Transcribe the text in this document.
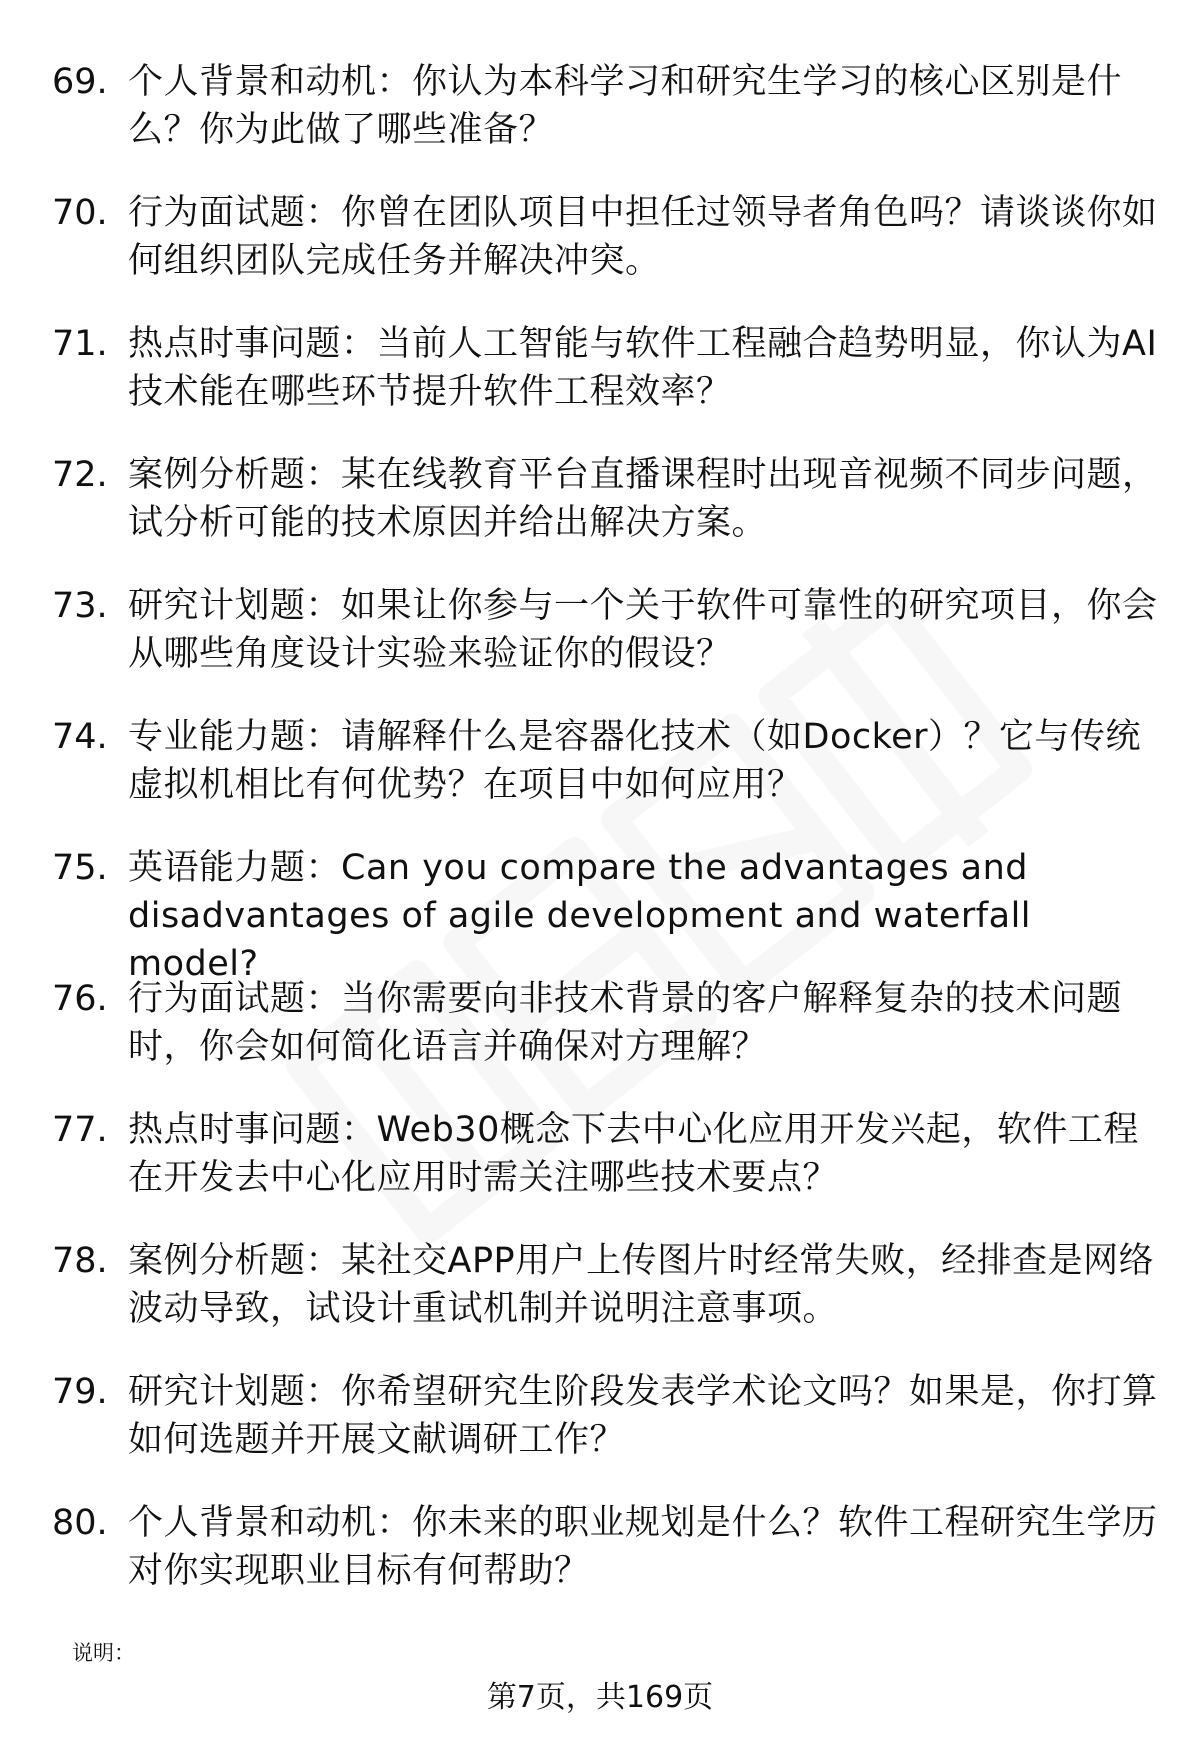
69. 个人背景和动机：你认为本科学习和研究生学习的核心区别是什么？你为此做了哪些准备？
70. 行为面试题：你曾在团队项目中担任过领导者角色吗？请谈谈你如何组织团队完成任务并解决冲突。
71. 热点时事问题：当前人工智能与软件工程融合趋势明显，你认为AI技术能在哪些环节提升软件工程效率？
72. 案例分析题：某在线教育平台直播课程时出现音视频不同步问题，试分析可能的技术原因并给出解决方案。
73. 研究计划题：如果让你参与一个关于软件可靠性的研究项目，你会从哪些角度设计实验来验证你的假设？
74. 专业能力题：请解释什么是容器化技术（如Docker）？它与传统虚拟机相比有何优势？在项目中如何应用？
75. 英语能力题：Can you compare the advantages and disadvantages of agile development and waterfall model?
76. 行为面试题：当你需要向非技术背景的客户解释复杂的技术问题时，你会如何简化语言并确保对方理解？
77. 热点时事问题：Web30概念下去中心化应用开发兴起，软件工程在开发去中心化应用时需关注哪些技术要点？
78. 案例分析题：某社交APP用户上传图片时经常失败，经排查是网络波动导致，试设计重试机制并说明注意事项。
79. 研究计划题：你希望研究生阶段发表学术论文吗？如果是，你打算如何选题并开展文献调研工作？
80. 个人背景和动机：你未来的职业规划是什么？软件工程研究生学历对你实现职业目标有何帮助？
说明：
第7页，共169页
